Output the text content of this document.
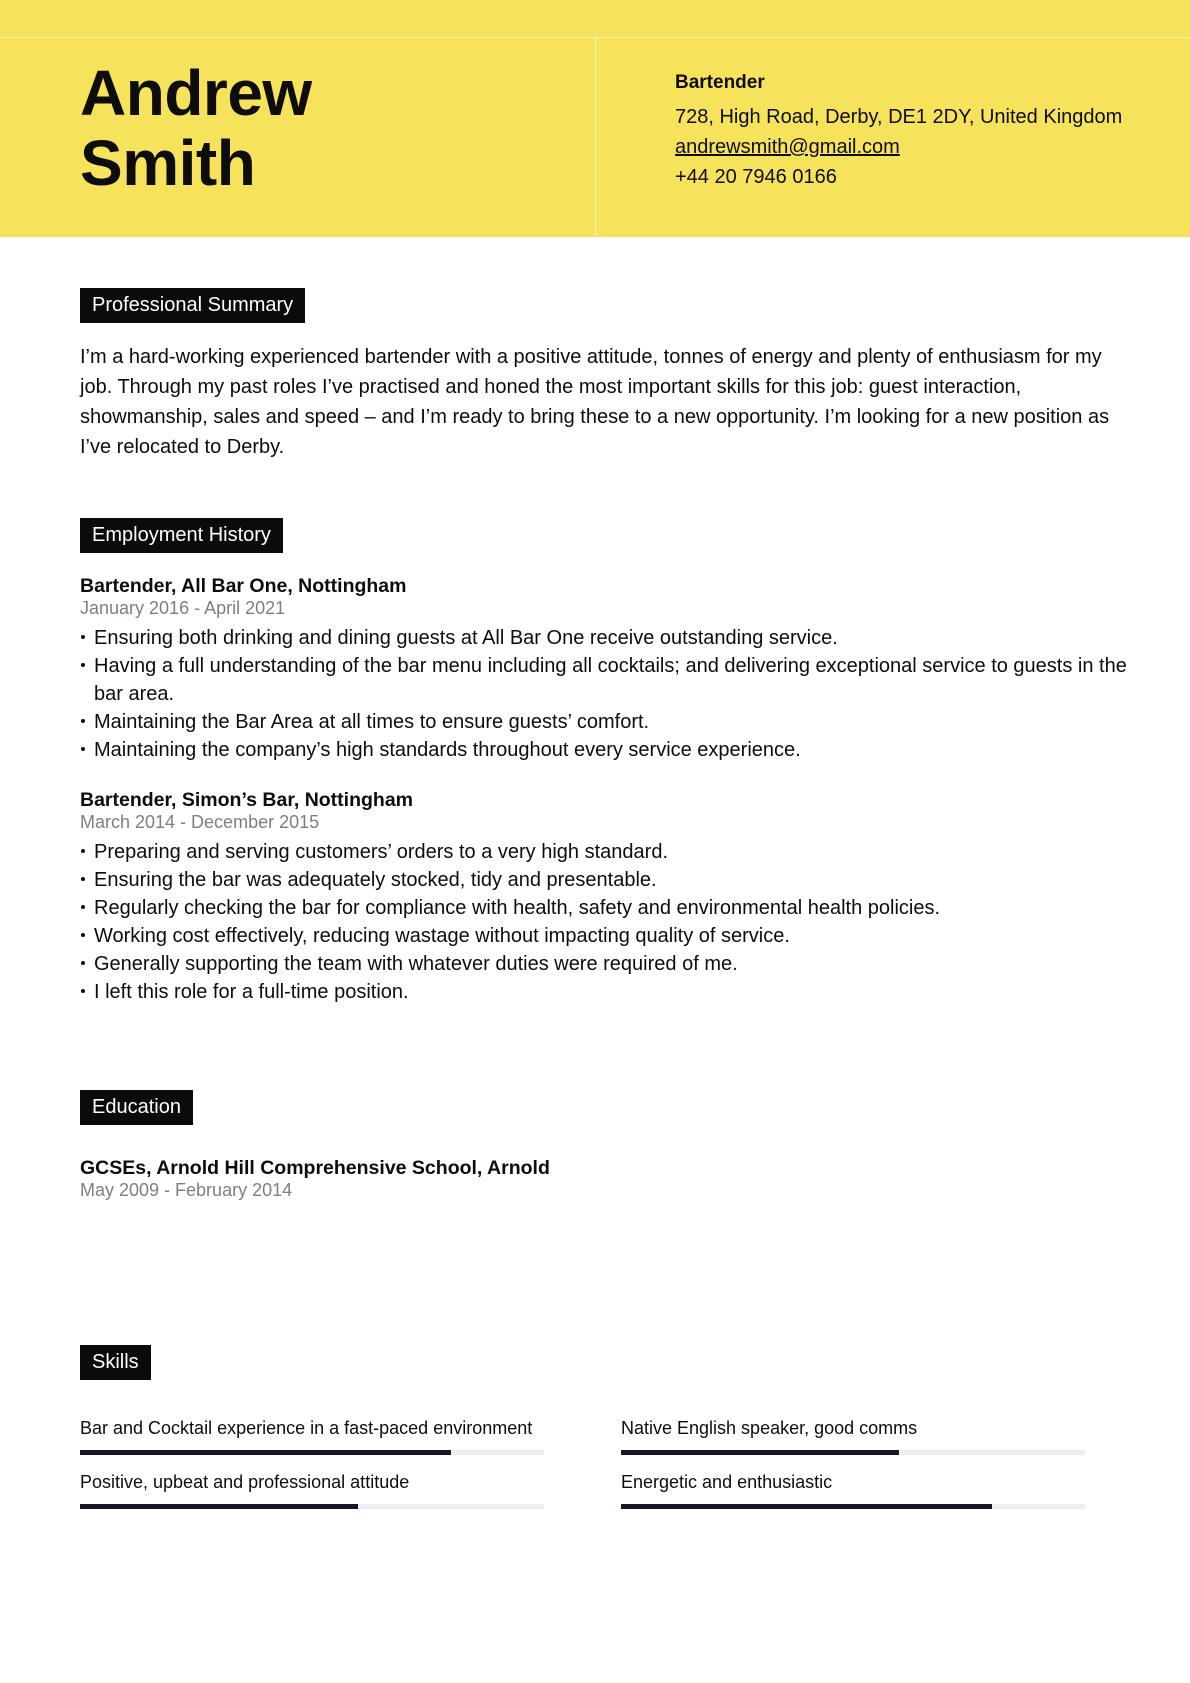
Andrew
Smith
Bartender
728, High Road, Derby, DE1 2DY, United Kingdom
andrewsmith@gmail.com
+44 20 7946 0166
Professional Summary
I’m a hard-working experienced bartender with a positive attitude, tonnes of energy and plenty of enthusiasm for my job. Through my past roles I’ve practised and honed the most important skills for this job: guest interaction, showmanship, sales and speed – and I’m ready to bring these to a new opportunity. I’m looking for a new position as I’ve relocated to Derby.
Employment History
Bartender, All Bar One, Nottingham
January 2016 - April 2021
Ensuring both drinking and dining guests at All Bar One receive outstanding service.
Having a full understanding of the bar menu including all cocktails; and delivering exceptional service to guests in the bar area.
Maintaining the Bar Area at all times to ensure guests’ comfort.
Maintaining the company’s high standards throughout every service experience.
Bartender, Simon’s Bar, Nottingham
March 2014 - December 2015
Preparing and serving customers’ orders to a very high standard.
Ensuring the bar was adequately stocked, tidy and presentable.
Regularly checking the bar for compliance with health, safety and environmental health policies.
Working cost effectively, reducing wastage without impacting quality of service.
Generally supporting the team with whatever duties were required of me.
I left this role for a full-time position.
Education
GCSEs, Arnold Hill Comprehensive School, Arnold
May 2009 - February 2014
Skills
Bar and Cocktail experience in a fast-paced environment	Native English speaker, good comms
Positive, upbeat and professional attitude	Energetic and enthusiastic
